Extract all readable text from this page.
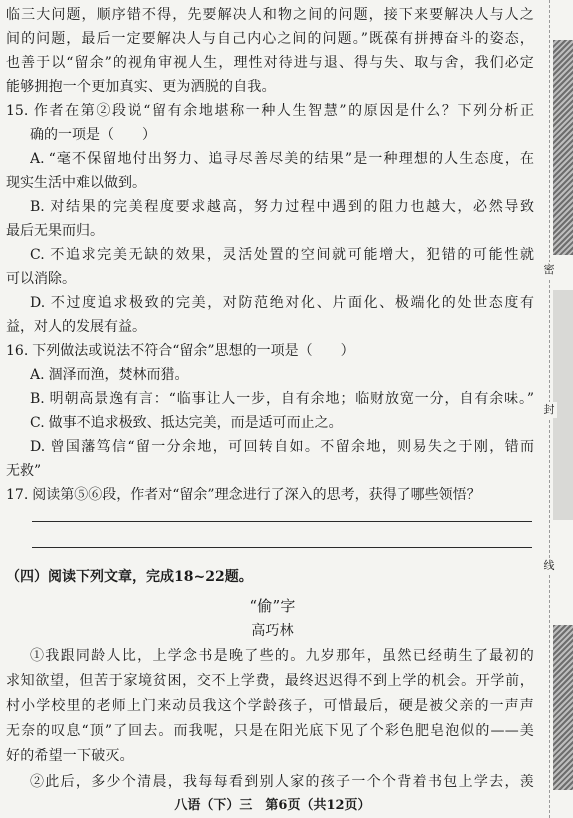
临三大问题，顺序错不得，先要解决人和物之间的问题，接下来要解决人与人之
间的问题，最后一定要解决人与自己内心之间的问题。”既葆有拼搏奋斗的姿态，
也善于以“留余”的视角审视人生，理性对待进与退、得与失、取与舍，我们必定
能够拥抱一个更加真实、更为洒脱的自我。
15. 作者在第②段说“留有余地堪称一种人生智慧”的原因是什么？下列分析正
确的一项是（　　）
A. “毫不保留地付出努力、追寻尽善尽美的结果”是一种理想的人生态度，在
现实生活中难以做到。
B. 对结果的完美程度要求越高，努力过程中遇到的阻力也越大，必然导致
最后无果而归。
C. 不追求完美无缺的效果，灵活处置的空间就可能增大，犯错的可能性就
可以消除。
D. 不过度追求极致的完美，对防范绝对化、片面化、极端化的处世态度有
益，对人的发展有益。
16. 下列做法或说法不符合“留余”思想的一项是（　　）
A. 涸泽而渔，焚林而猎。
B. 明朝高景逸有言：“临事让人一步，自有余地；临财放宽一分，自有余味。”
C. 做事不追求极致、抵达完美，而是适可而止之。
D. 曾国藩笃信“留一分余地，可回转自如。不留余地，则易失之于刚，错而
无救”
17. 阅读第⑤⑥段，作者对“留余”理念进行了深入的思考，获得了哪些领悟？
（四）阅读下列文章，完成18~22题。
“偷”字
高巧林
①我跟同龄人比，上学念书是晚了些的。九岁那年，虽然已经萌生了最初的
求知欲望，但苦于家境贫困，交不上学费，最终迟迟得不到上学的机会。开学前，
村小学校里的老师上门来动员我这个学龄孩子，可惜最后，硬是被父亲的一声声
无奈的叹息“顶”了回去。而我呢，只是在阳光底下见了个彩色肥皂泡似的——美
好的希望一下破灭。
②此后，多少个清晨，我每每看到别人家的孩子一个个背着书包上学去，羡
八语（下）三　第6页（共12页）
密
封
线
